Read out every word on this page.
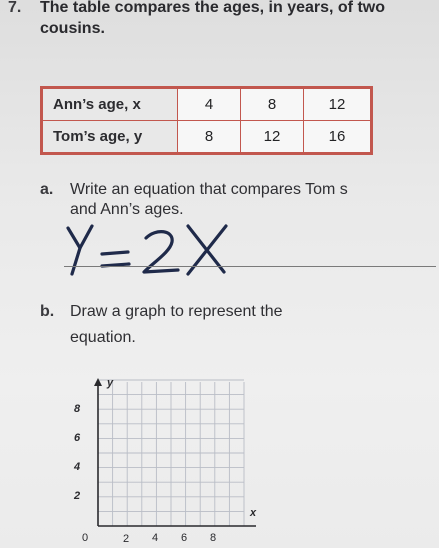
7. The table compares the ages, in years, of two
cousins.
Ann’s age, x	4	8	12
Tom’s age, y	8	12	16
a. Write an equation that compares Tom s
and Ann’s ages.
b. Draw a graph to represent the
equation.
y
x
0
8
6
4
2
2 4 6 8
